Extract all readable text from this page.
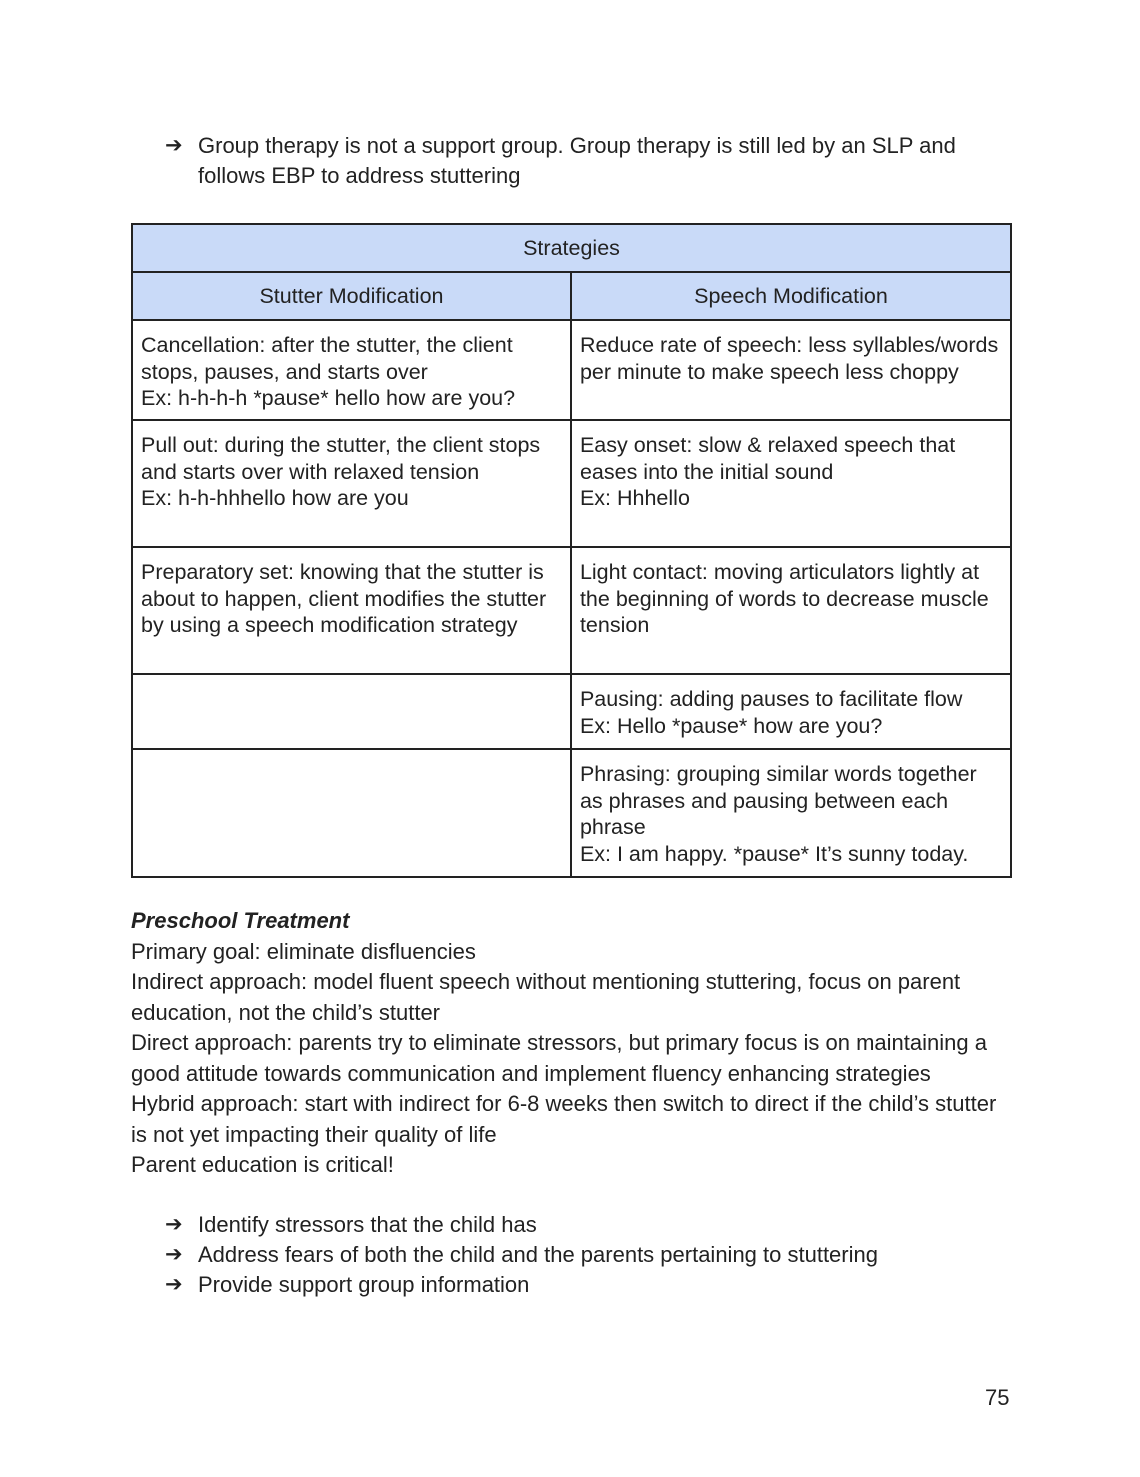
➔ Group therapy is not a support group. Group therapy is still led by an SLP and follows EBP to address stuttering
Strategies	
Stutter Modification	Speech Modification

Cancellation: after the stutter, the client stops, pauses, and starts over
Ex: h-h-h-h *pause* hello how are you?	Reduce rate of speech: less syllables/words per minute to make speech less choppy

Pull out: during the stutter, the client stops and starts over with relaxed tension
Ex: h-h-hhhello how are you	Easy onset: slow & relaxed speech that eases into the initial sound
Ex: Hhhello

Preparatory set: knowing that the stutter is about to happen, client modifies the stutter by using a speech modification strategy	Light contact: moving articulators lightly at the beginning of words to decrease muscle tension

	Pausing: adding pauses to facilitate flow
Ex: Hello *pause* how are you?

	Phrasing: grouping similar words together as phrases and pausing between each phrase
Ex: I am happy. *pause* It’s sunny today.

Preschool Treatment

Primary goal: eliminate disfluencies

Indirect approach: model fluent speech without mentioning stuttering, focus on parent education, not the child’s stutter

Direct approach: parents try to eliminate stressors, but primary focus is on maintaining a good attitude towards communication and implement fluency enhancing strategies

Hybrid approach: start with indirect for 6-8 weeks then switch to direct if the child’s stutter is not yet impacting their quality of life

Parent education is critical!

➔ Identify stressors that the child has
➔ Address fears of both the child and the parents pertaining to stuttering
➔ Provide support group information
75
